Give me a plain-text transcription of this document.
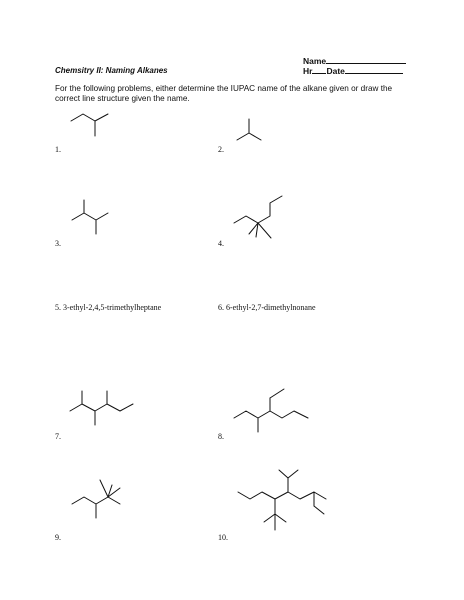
Name
Hr Date
Chemsitry II: Naming Alkanes
For the following problems, either determine the IUPAC name of the alkane given or draw the correct line structure given the name.
1.	2.
3.	4.
5. 3-ethyl-2,4,5-trimethylheptane	6. 6-ethyl-2,7-dimethylnonane
7.	8.
9.	10.
